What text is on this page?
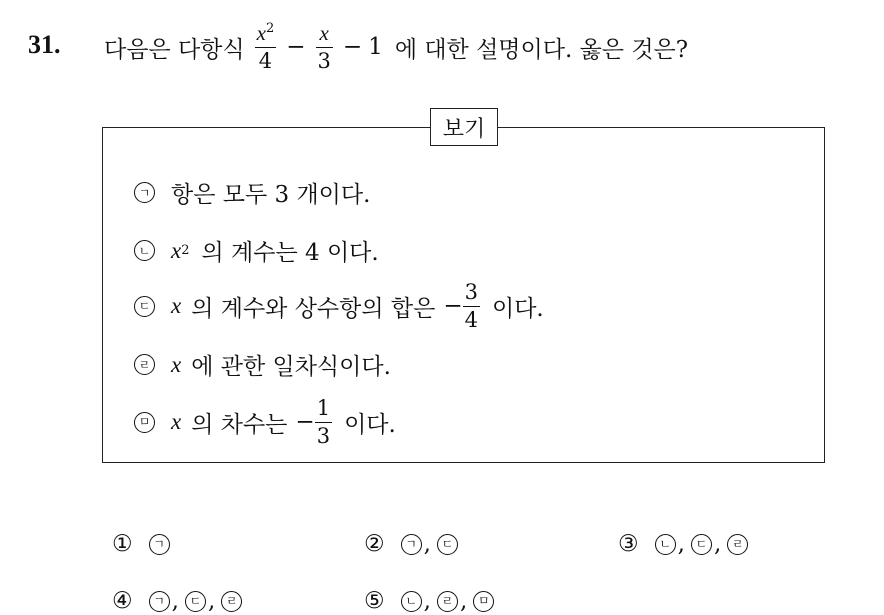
31. 다음은 다항식 $\frac{x^2}{4} - \frac{x}{3} - 1$ 에 대한 설명이다. 옳은 것은?
보기
ㄱ 항은 모두 3 개이다.
ㄴ x 2 의 계수는 4 이다.
ㄷ x 의 계수와 상수항의 합은 − $\frac{3}{4}$ 이다.
ㄹ x 에 관한 일차식이다.
ㅁ x 의 차수는 − $\frac{1}{3}$ 이다.
①	ㄱ	②	ㄱ , ㄷ	③	ㄴ , ㄷ , ㄹ
④	ㄱ , ㄷ , ㄹ	⑤	ㄴ , ㄹ , ㅁ
